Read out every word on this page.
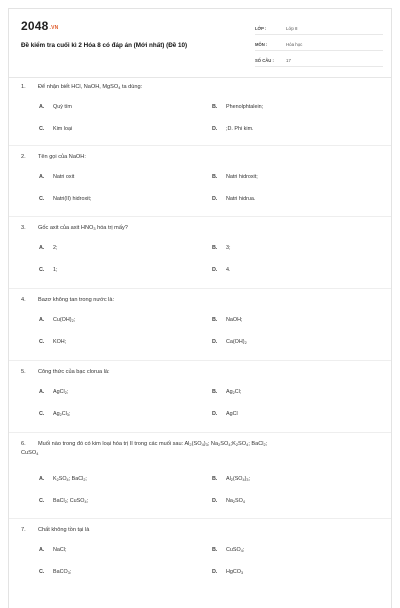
2048.VN
Đề kiểm tra cuối kì 2 Hóa 8 có đáp án (Mới nhất) (Đề 10)
LỚP :	Lớp 8
MÔN :	Hóa học
SỐ CÂU :	17
1. Để nhận biết HCl, NaOH, MgSO$_4$ ta dùng:
A. Quỳ tím	B. Phenolphtalein;
C. Kim loại	D. ;D. Phi kim.
2. Tên gọi của NaOH:
A. Natri oxit	B. Natri hidroxit;
C. Natri(II) hidroxit;	D. Natri hidrua.
3. Gốc axit của axit $HNO_3$ hóa trị mấy?
A. 2;	B. 3;
C. 1;	D. 4.
4. Bazơ không tan trong nước là:
A. $Cu(OH)_2$;	B. NaOH;
C. KOH;	D. $Ca(OH)_2$
5. Công thức của bạc clorua là:
A. AgCl$_2$;	B. $Ag_2Cl$;
C. $Ag_2Cl_3$;	D. AgCl
6. Muối nào trong đó có kim loại hóa trị II trong các muối sau: $Al_2(SO_4)_3$; $Na_2SO_4;K_2SO_4$; BaCl$_2$;
CuSO$_4$
A. $K_2SO_4$; BaCl$_2$;	B. $Al_2(SO_4)_3$;
C. BaCl$_2$; CuSO$_4$;	D. $Na_2SO_4$
7. Chất không tồn tại là
A. NaCl;	B. CuSO$_4$;
C. BaCO$_3$;	D. HgCO$_3$
